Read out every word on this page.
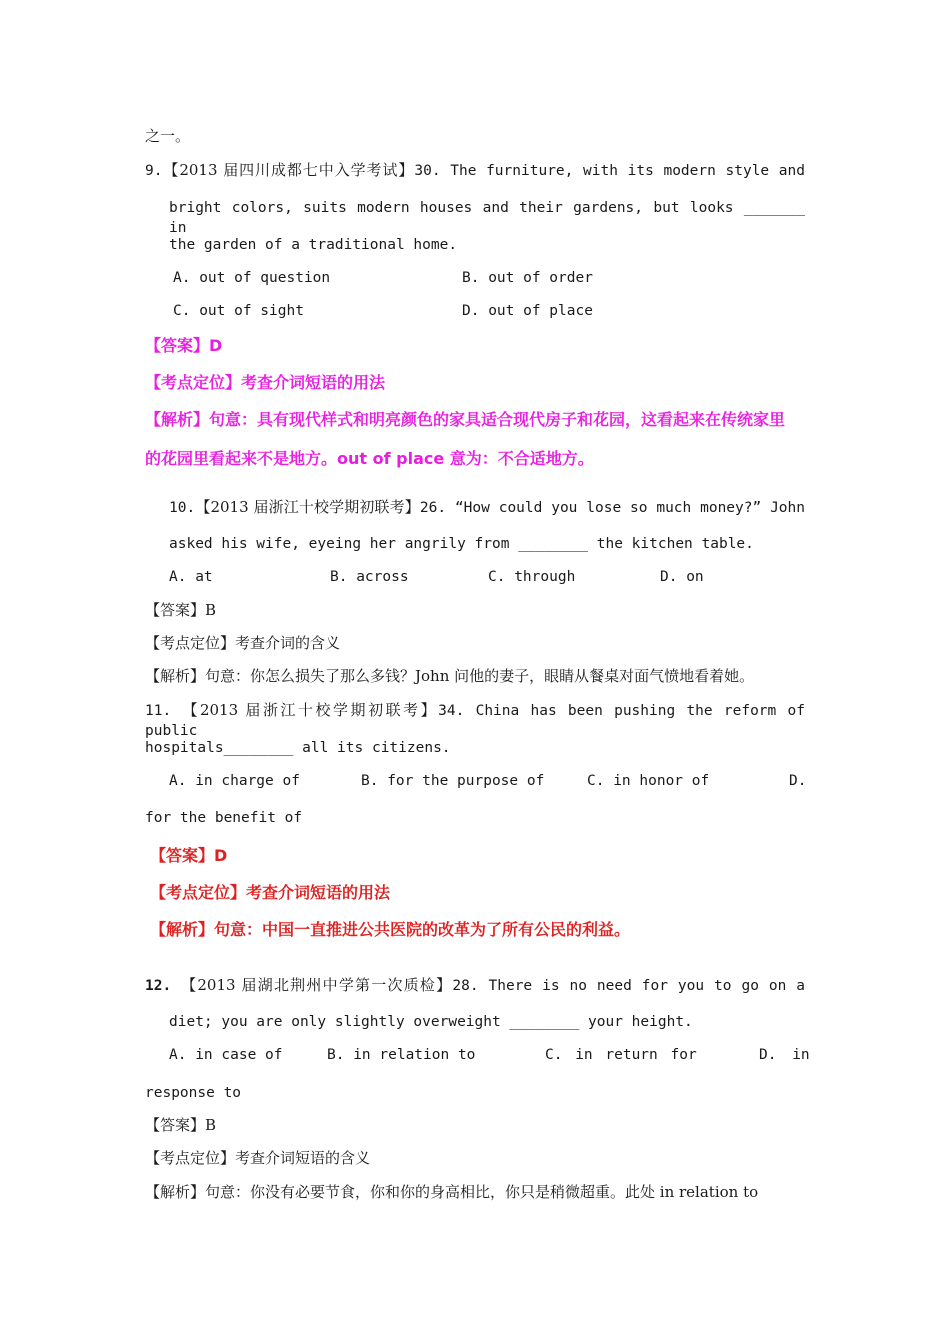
之一。
9.【2013 届四川成都七中入学考试】30. The furniture, with its modern style and
bright colors, suits modern houses and their gardens, but looks _______ in
the garden of a traditional home.
A. out of question	B. out of order
C. out of sight	D. out of place
【答案】D
【考点定位】考查介词短语的用法
【解析】句意：具有现代样式和明亮颜色的家具适合现代房子和花园，这看起来在传统家里
的花园里看起来不是地方。out of place 意为：不合适地方。
10.【2013 届浙江十校学期初联考】26. “How could you lose so much money?” John
asked his wife, eyeing her angrily from ________ the kitchen table.
A. at	B. across	C. through	D. on
【答案】B
【考点定位】考查介词的含义
【解析】句意：你怎么损失了那么多钱？John 问他的妻子，眼睛从餐桌对面气愤地看着她。
11. 【2013 届浙江十校学期初联考】34. China has been pushing the reform of public
hospitals________ all its citizens.
A. in charge of	B. for the purpose of	C. in honor of	D.
for the benefit of
【答案】D
【考点定位】考查介词短语的用法
【解析】句意：中国一直推进公共医院的改革为了所有公民的利益。
12. 【2013 届湖北荆州中学第一次质检】28. There is no need for you to go on a
diet; you are only slightly overweight ________ your height.
A. in case of	B. in relation to	C. in return for	D. in
response to
【答案】B
【考点定位】考查介词短语的含义
【解析】句意：你没有必要节食，你和你的身高相比，你只是稍微超重。此处 in relation to
